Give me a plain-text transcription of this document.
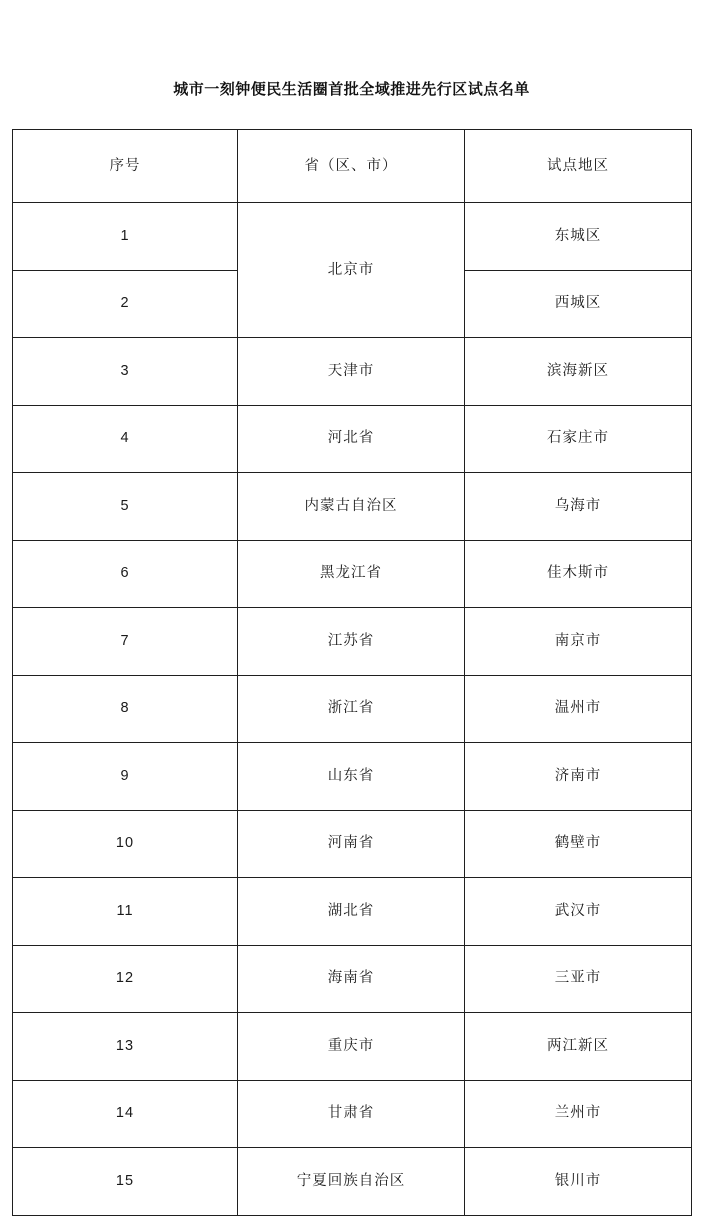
城市一刻钟便民生活圈首批全域推进先行区试点名单
序号	省（区、市）	试点地区

1	北京市	东城区

2		西城区

3	天津市	滨海新区

4	河北省	石家庄市

5	内蒙古自治区	乌海市

6	黑龙江省	佳木斯市

7	江苏省	南京市

8	浙江省	温州市

9	山东省	济南市

10	河南省	鹤壁市

11	湖北省	武汉市

12	海南省	三亚市

13	重庆市	两江新区

14	甘肃省	兰州市

15	宁夏回族自治区	银川市
